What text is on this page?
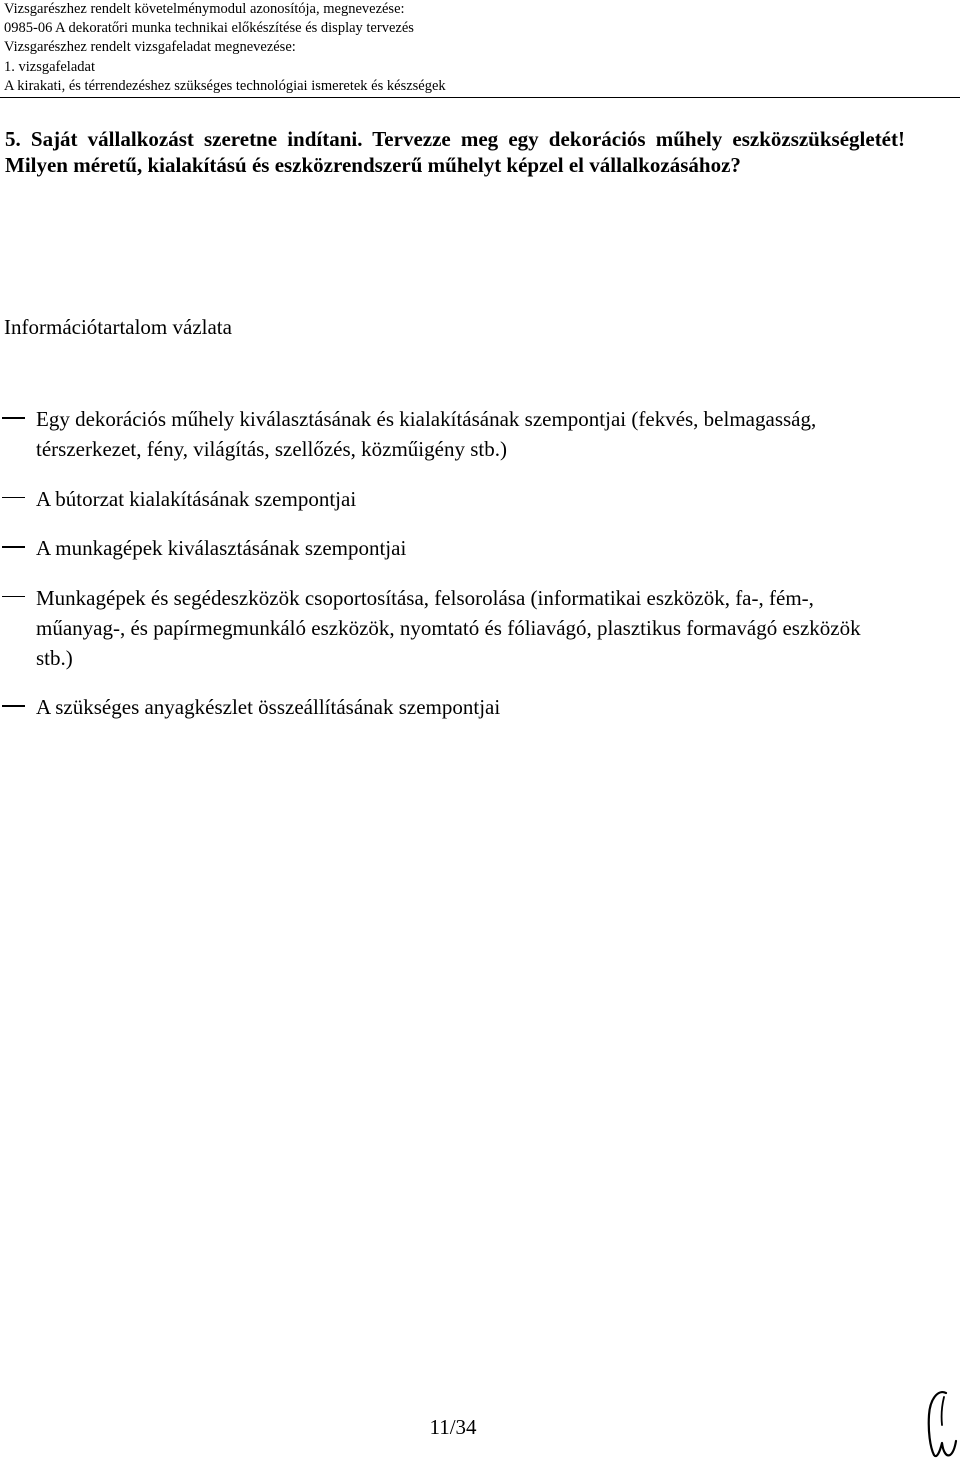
Vizsgarészhez rendelt követelménymodul azonosítója, megnevezése:
0985-06 A dekoratőri munka technikai előkészítése és display tervezés
Vizsgarészhez rendelt vizsgafeladat megnevezése:
1. vizsgafeladat
A kirakati, és térrendezéshez szükséges technológiai ismeretek és készségek
5. Saját vállalkozást szeretne indítani. Tervezze meg egy dekorációs műhely eszközszükségletét! Milyen méretű, kialakítású és eszközrendszerű műhelyt képzel el vállalkozásához?
Információtartalom vázlata
Egy dekorációs műhely kiválasztásának és kialakításának szempontjai (fekvés, belmagasság, térszerkezet, fény, világítás, szellőzés, közműigény stb.)
A bútorzat kialakításának szempontjai
A munkagépek kiválasztásának szempontjai
Munkagépek és segédeszközök csoportosítása, felsorolása (informatikai eszközök, fa-, fém-, műanyag-, és papírmegmunkáló eszközök, nyomtató és fóliavágó, plasztikus formavágó eszközök stb.)
A szükséges anyagkészlet összeállításának szempontjai
11/34
